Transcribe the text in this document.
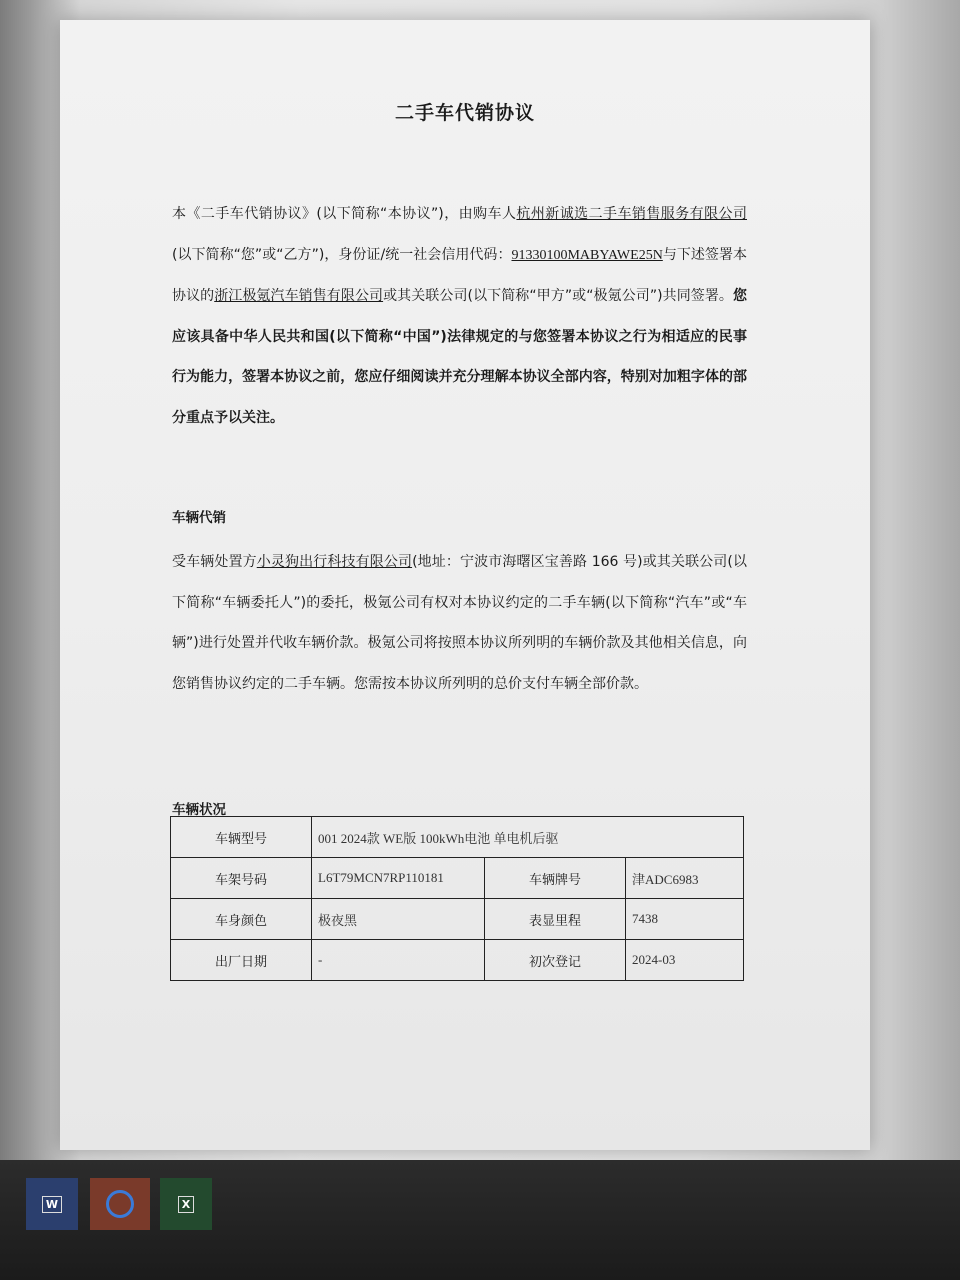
二手车代销协议
本《二手车代销协议》(以下简称“本协议”)，由购车人杭州新诚选二手车销售服务有限公司(以下简称“您”或“乙方”)，身份证/统一社会信用代码：91330100MABYAWE25N与下述签署本协议的浙江极氪汽车销售有限公司或其关联公司(以下简称“甲方”或“极氪公司”)共同签署。您应该具备中华人民共和国(以下简称“中国”)法律规定的与您签署本协议之行为相适应的民事行为能力，签署本协议之前，您应仔细阅读并充分理解本协议全部内容，特别对加粗字体的部分重点予以关注。
车辆代销
受车辆处置方小灵狗出行科技有限公司(地址：宁波市海曙区宝善路 166 号)或其关联公司(以下简称“车辆委托人”)的委托，极氪公司有权对本协议约定的二手车辆(以下简称“汽车”或“车辆”)进行处置并代收车辆价款。极氪公司将按照本协议所列明的车辆价款及其他相关信息，向您销售协议约定的二手车辆。您需按本协议所列明的总价支付车辆全部价款。
车辆状况
车辆型号	001 2024款 WE版 100kWh电池 单电机后驱		
车架号码	L6T79MCN7RP110181	车辆牌号	津ADC6983
车身颜色	极夜黑	表显里程	7438
出厂日期	-	初次登记	2024-03
W	X
